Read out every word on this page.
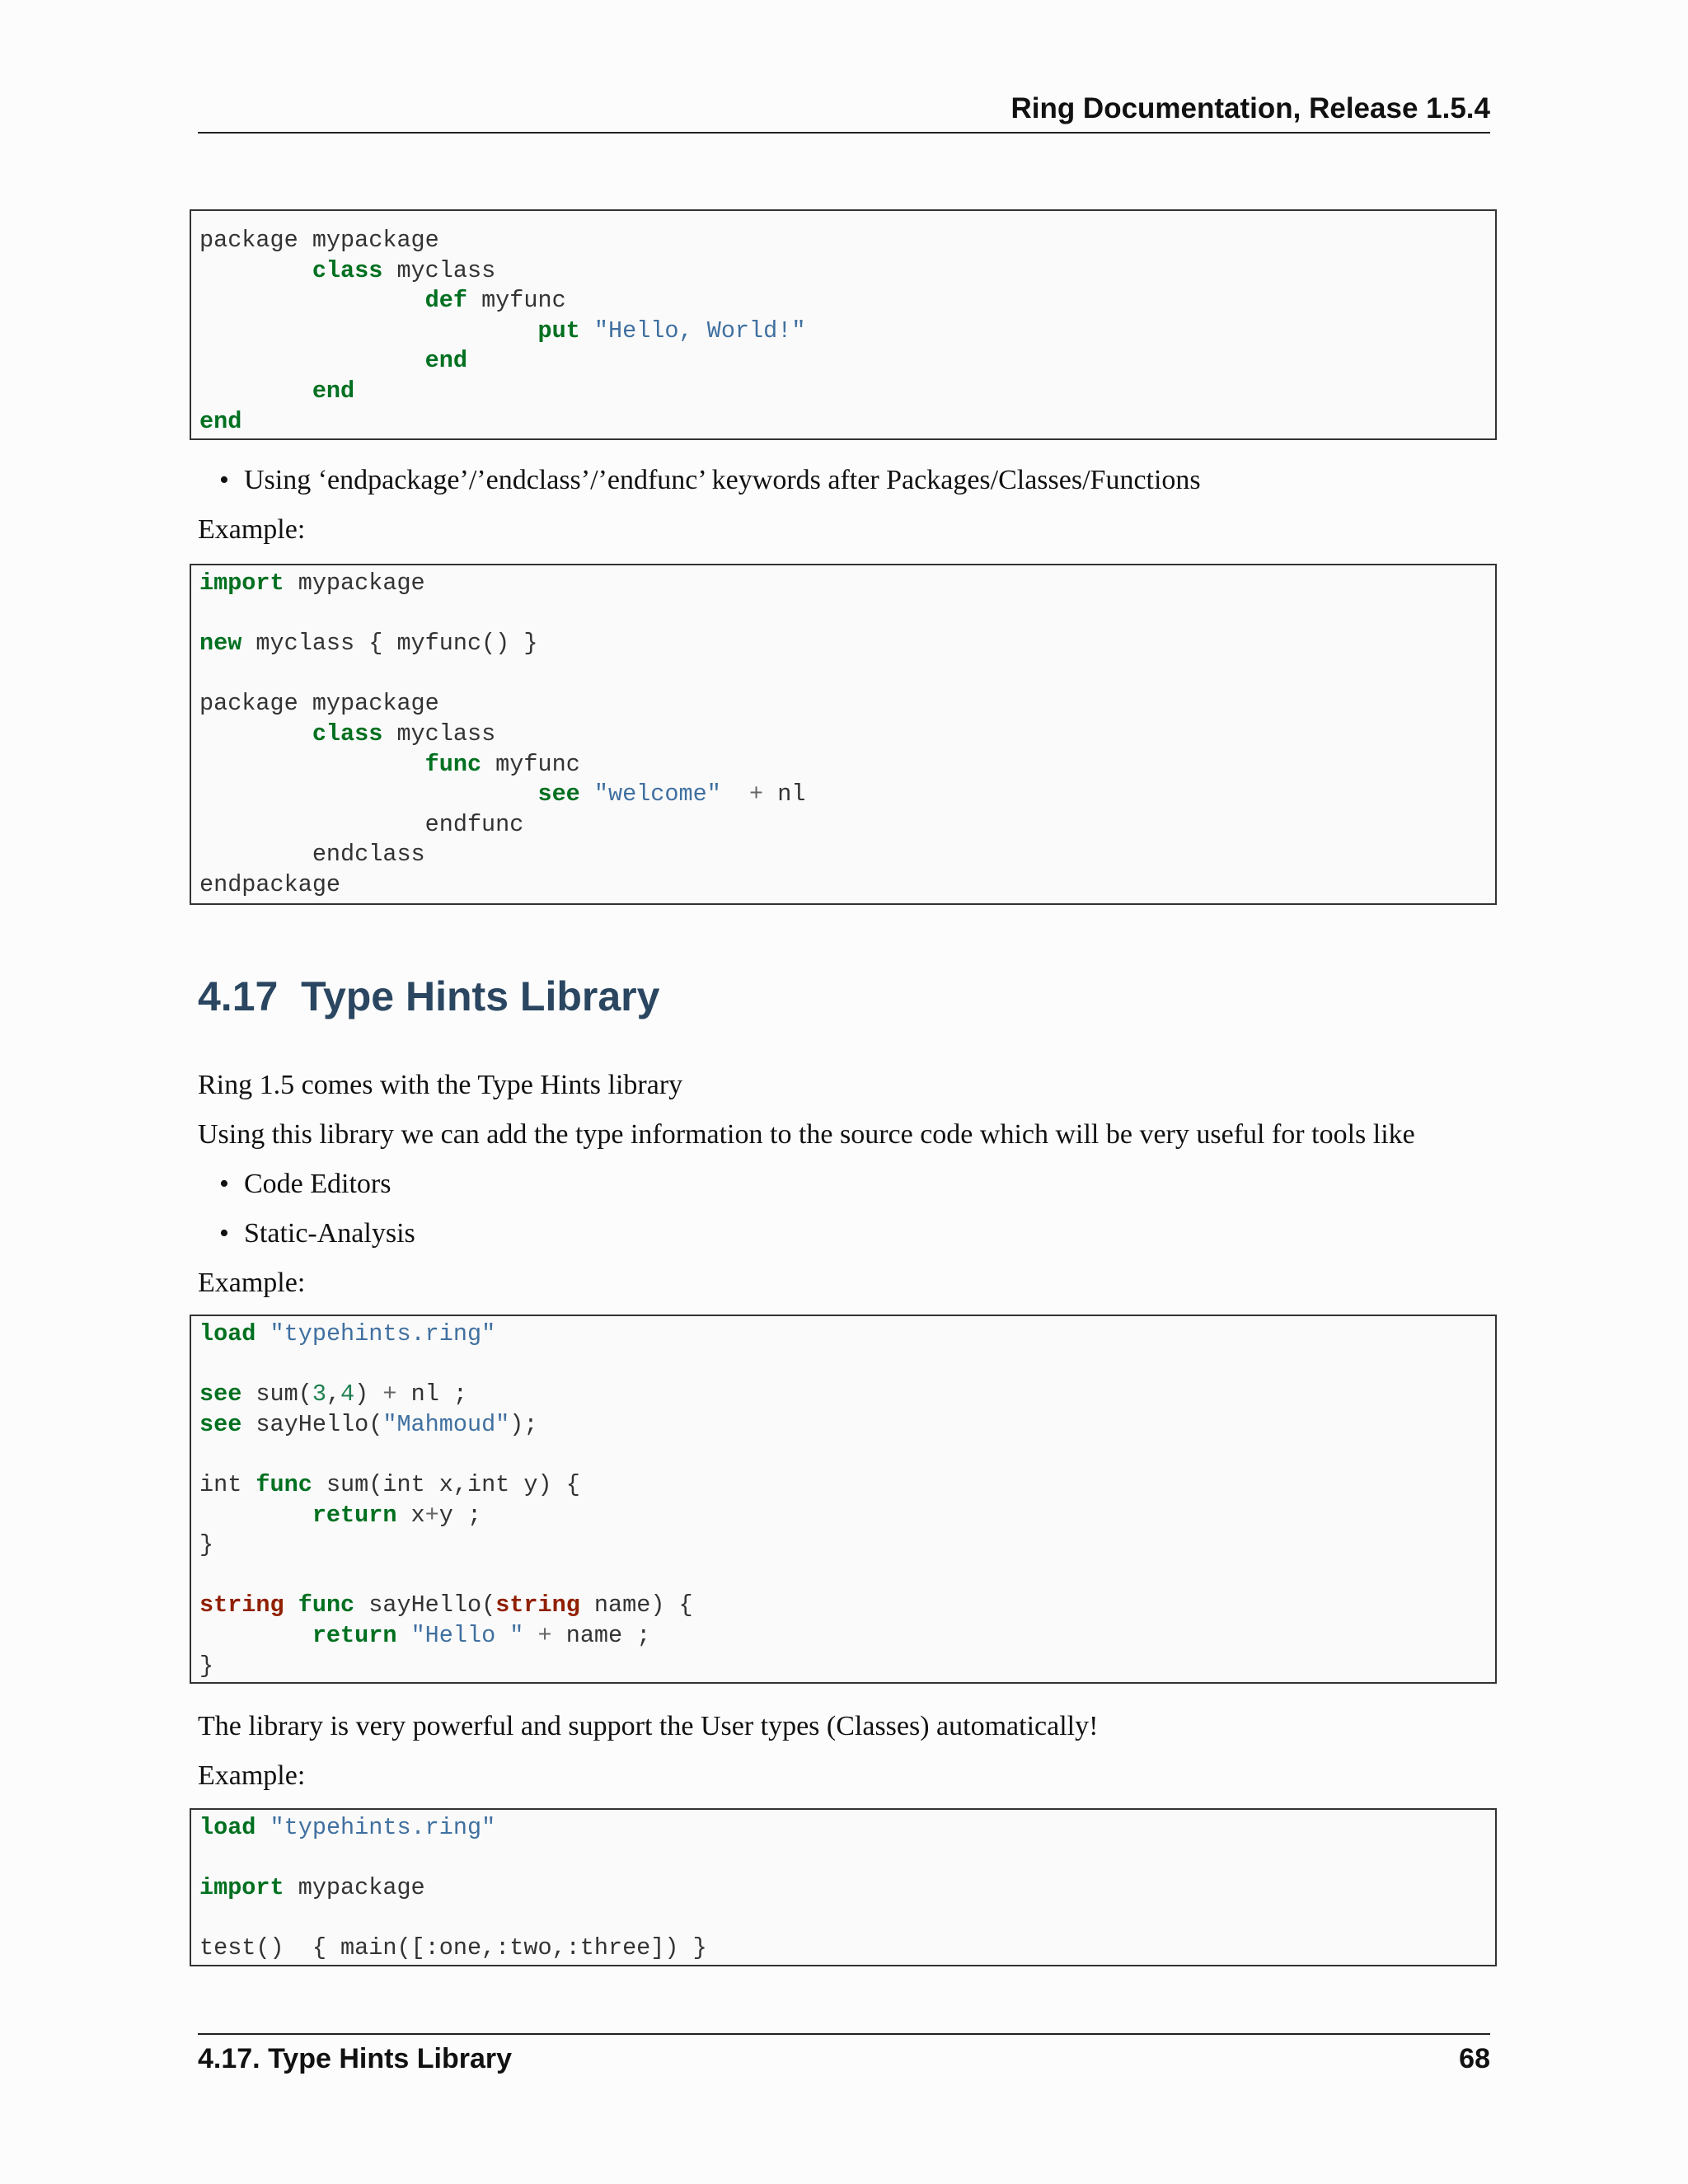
Ring Documentation, Release 1.5.4
package mypackage
class myclass
def myfunc
put "Hello, World!"
end
end
end
• Using ‘endpackage’/’endclass’/’endfunc’ keywords after Packages/Classes/Functions
Example:
import mypackage
new myclass { myfunc() }
package mypackage
class myclass
func myfunc
see "welcome" + nl
endfunc
endclass
endpackage
4.17 Type Hints Library
Ring 1.5 comes with the Type Hints library
Using this library we can add the type information to the source code which will be very useful for tools like
• Code Editors
• Static-Analysis
Example:
load "typehints.ring"
see sum(3,4) + nl ;
see sayHello("Mahmoud");
int func sum(int x,int y) {
return x+y ;
}
string func sayHello(string name) {
return "Hello " + name ;
}
The library is very powerful and support the User types (Classes) automatically!
Example:
load "typehints.ring"
import mypackage
test()  { main([:one,:two,:three]) }
4.17. Type Hints Library	68
